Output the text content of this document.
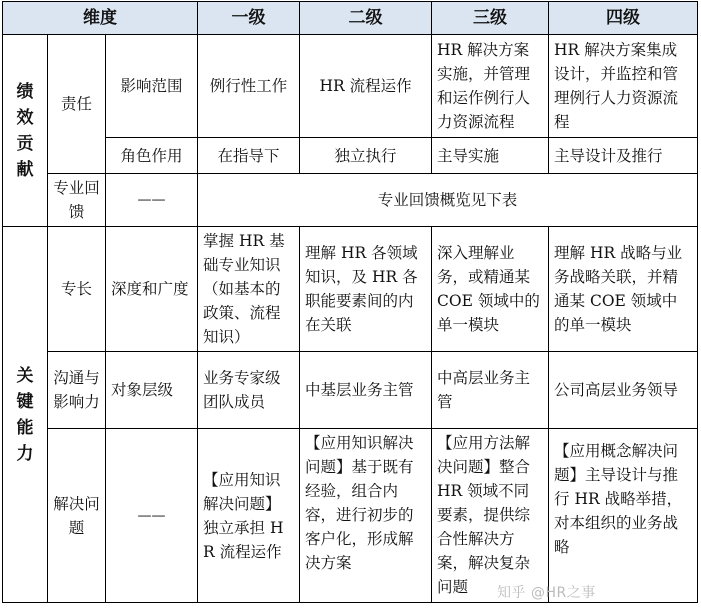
维度			一级	二级	三级	四级

绩
效
贡
献	责任	影响范围	例行性工作	HR 流程运作	HR 解决方案实施，并管理和运作例行人力资源流程	HR 解决方案集成设计，并监控和管理例行人力资源流程
		角色作用	在指导下	独立执行	主导实施	主导设计及推行
	专业回馈	——	专业回馈概览见下表			

关
键
能
力	专长	深度和广度	掌握 HR 基础专业知识（如基本的政策、流程知识）	理解 HR 各领域知识，及 HR 各职能要素间的内在关联	深入理解业务，或精通某 COE 领域中的单一模块	理解 HR 战略与业务战略关联，并精通某 COE 领域中的单一模块
	沟通与影响力	对象层级	业务专家级团队成员	中基层业务主管	中高层业务主管	公司高层业务领导
	解决问题	——	【应用知识解决问题】独立承担 HR 流程运作	【应用知识解决问题】基于既有经验，组合内容，进行初步的客户化，形成解决方案	【应用方法解决问题】整合 HR 领域不同要素，提供综合性解决方案，解决复杂问题	【应用概念解决问题】主导设计与推行 HR 战略举措，对本组织的业务战略
知乎 @HR之事
